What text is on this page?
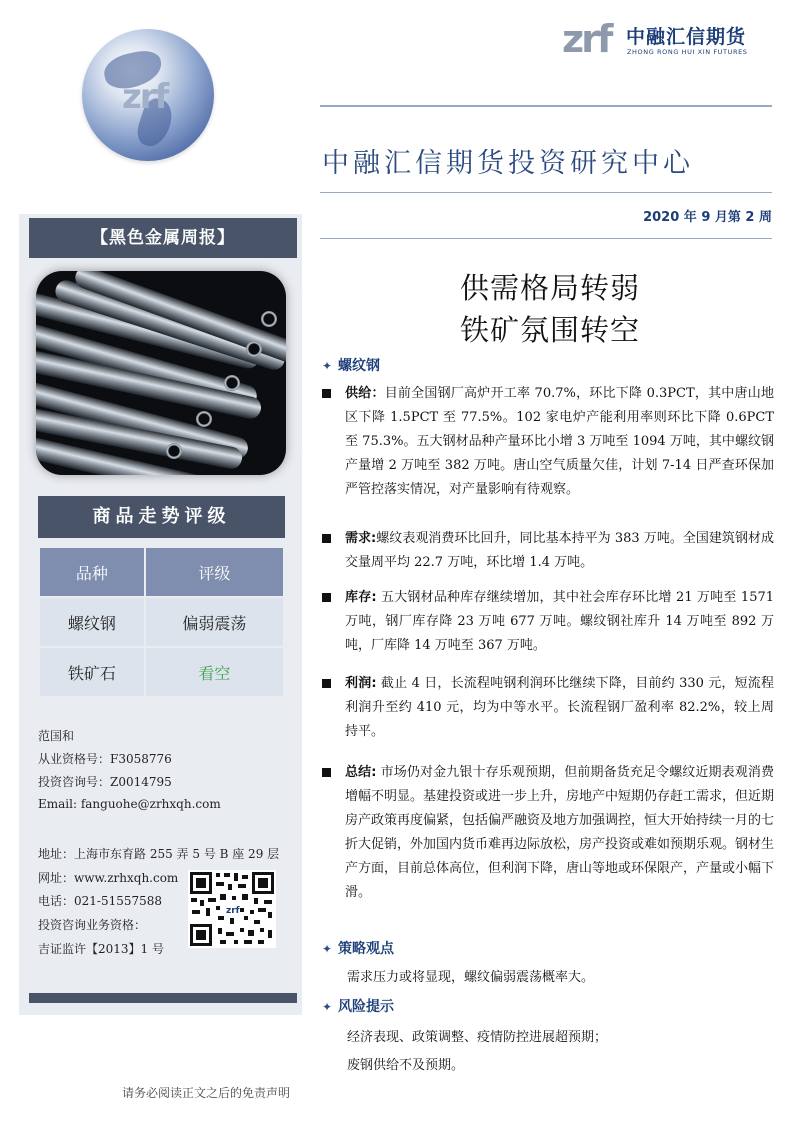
zrf
zrf 中融汇信期货
ZHONG RONG HUI XIN FUTURES
中融汇信期货投资研究中心
2020 年 9 月第 2 周
供需格局转弱
铁矿氛围转空
【黑色金属周报】
商品走势评级
品种	评级
螺纹钢	偏弱震荡
铁矿石	看空
范国和
从业资格号：F3058776
投资咨询号：Z0014795
Email: fanguohe@zrhxqh.com
地址：上海市东育路 255 弄 5 号 B 座 29 层
网址：www.zrhxqh.com
电话：021-51557588
投资咨询业务资格：
吉证监许【2013】1 号
zrf
请务必阅读正文之后的免责声明
✦ 螺纹钢
供给：目前全国钢厂高炉开工率 70.7%，环比下降 0.3PCT，其中唐山地区下降 1.5PCT 至 77.5%。102 家电炉产能利用率则环比下降 0.6PCT 至 75.3%。五大钢材品种产量环比小增 3 万吨至 1094 万吨，其中螺纹钢产量增 2 万吨至 382 万吨。唐山空气质量欠佳，计划 7-14 日严查环保加严管控落实情况，对产量影响有待观察。
需求:螺纹表观消费环比回升，同比基本持平为 383 万吨。全国建筑钢材成交量周平均 22.7 万吨，环比增 1.4 万吨。
库存: 五大钢材品种库存继续增加，其中社会库存环比增 21 万吨至 1571 万吨，钢厂库存降 23 万吨 677 万吨。螺纹钢社库升 14 万吨至 892 万吨，厂库降 14 万吨至 367 万吨。
利润: 截止 4 日，长流程吨钢利润环比继续下降，目前约 330 元，短流程利润升至约 410 元，均为中等水平。长流程钢厂盈利率 82.2%，较上周持平。
总结: 市场仍对金九银十存乐观预期，但前期备货充足令螺纹近期表观消费增幅不明显。基建投资或进一步上升，房地产中短期仍存赶工需求，但近期房产政策再度偏紧，包括偏严融资及地方加强调控，恒大开始持续一月的七折大促销，外加国内货币难再边际放松，房产投资或难如预期乐观。钢材生产方面，目前总体高位，但利润下降，唐山等地或环保限产，产量或小幅下滑。
✦ 策略观点
需求压力或将显现，螺纹偏弱震荡概率大。
✦ 风险提示
经济表现、政策调整、疫情防控进展超预期；
废钢供给不及预期。
